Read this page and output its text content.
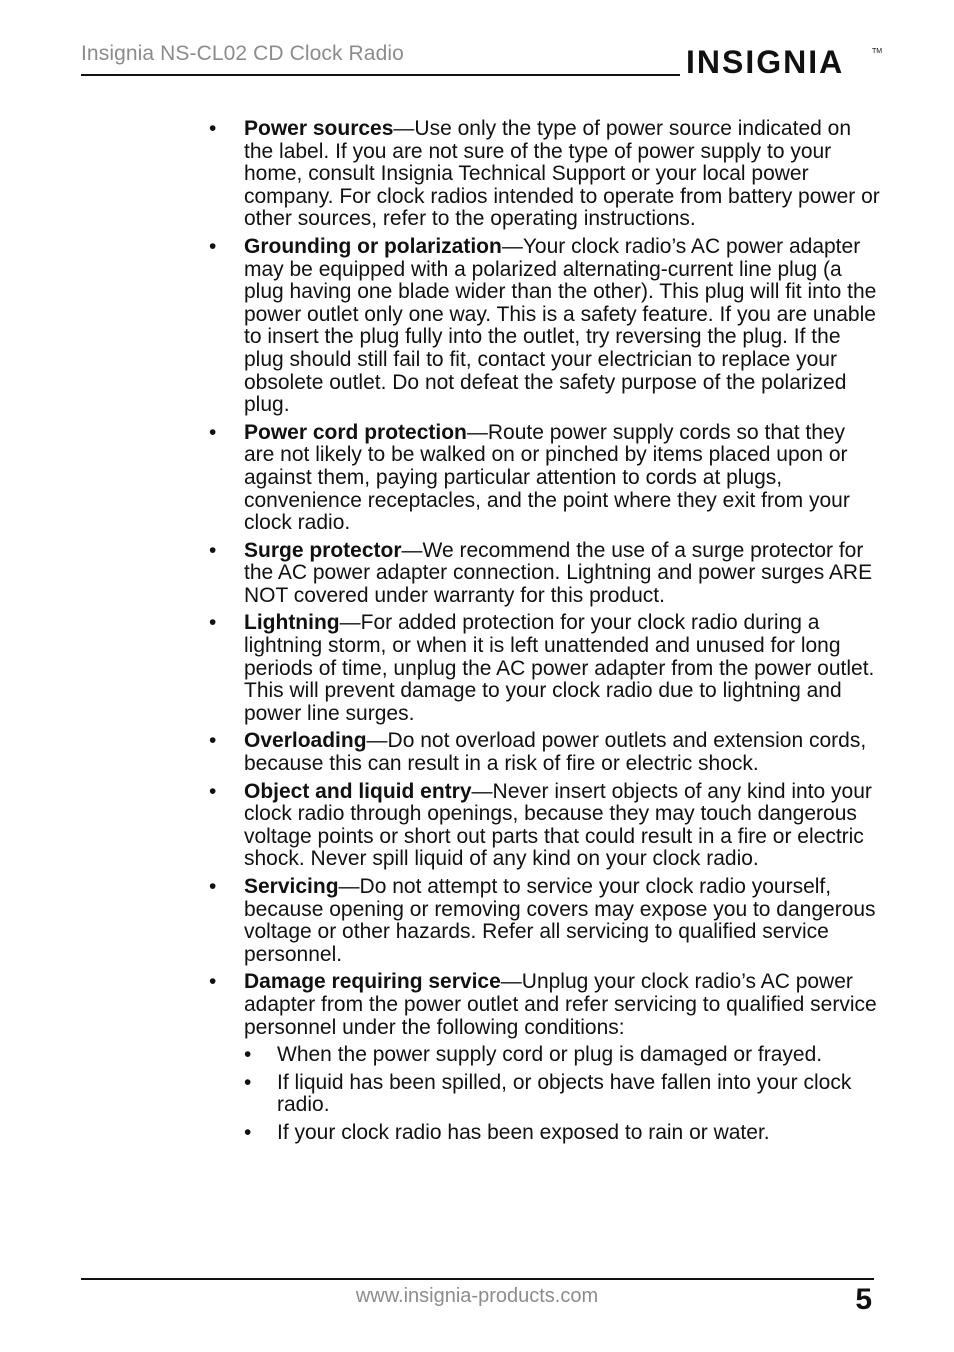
Insignia NS-CL02 CD Clock Radio	INSIGNIA	TM
• Power sources—Use only the type of power source indicated on the label. If you are not sure of the type of power supply to your home, consult Insignia Technical Support or your local power company. For clock radios intended to operate from battery power or other sources, refer to the operating instructions.

• Grounding or polarization—Your clock radio’s AC power adapter may be equipped with a polarized alternating-current line plug (a plug having one blade wider than the other). This plug will fit into the power outlet only one way. This is a safety feature. If you are unable to insert the plug fully into the outlet, try reversing the plug. If the plug should still fail to fit, contact your electrician to replace your obsolete outlet. Do not defeat the safety purpose of the polarized plug.

• Power cord protection—Route power supply cords so that they are not likely to be walked on or pinched by items placed upon or against them, paying particular attention to cords at plugs, convenience receptacles, and the point where they exit from your clock radio.

• Surge protector—We recommend the use of a surge protector for the AC power adapter connection. Lightning and power surges ARE NOT covered under warranty for this product.

• Lightning—For added protection for your clock radio during a lightning storm, or when it is left unattended and unused for long periods of time, unplug the AC power adapter from the power outlet. This will prevent damage to your clock radio due to lightning and power line surges.

• Overloading—Do not overload power outlets and extension cords, because this can result in a risk of fire or electric shock.

• Object and liquid entry—Never insert objects of any kind into your clock radio through openings, because they may touch dangerous voltage points or short out parts that could result in a fire or electric shock. Never spill liquid of any kind on your clock radio.

• Servicing—Do not attempt to service your clock radio yourself, because opening or removing covers may expose you to dangerous voltage or other hazards. Refer all servicing to qualified service personnel.

• Damage requiring service—Unplug your clock radio’s AC power adapter from the power outlet and refer servicing to qualified service personnel under the following conditions:

• When the power supply cord or plug is damaged or frayed.

• If liquid has been spilled, or objects have fallen into your clock radio.

• If your clock radio has been exposed to rain or water.

www.insignia-products.com	5
